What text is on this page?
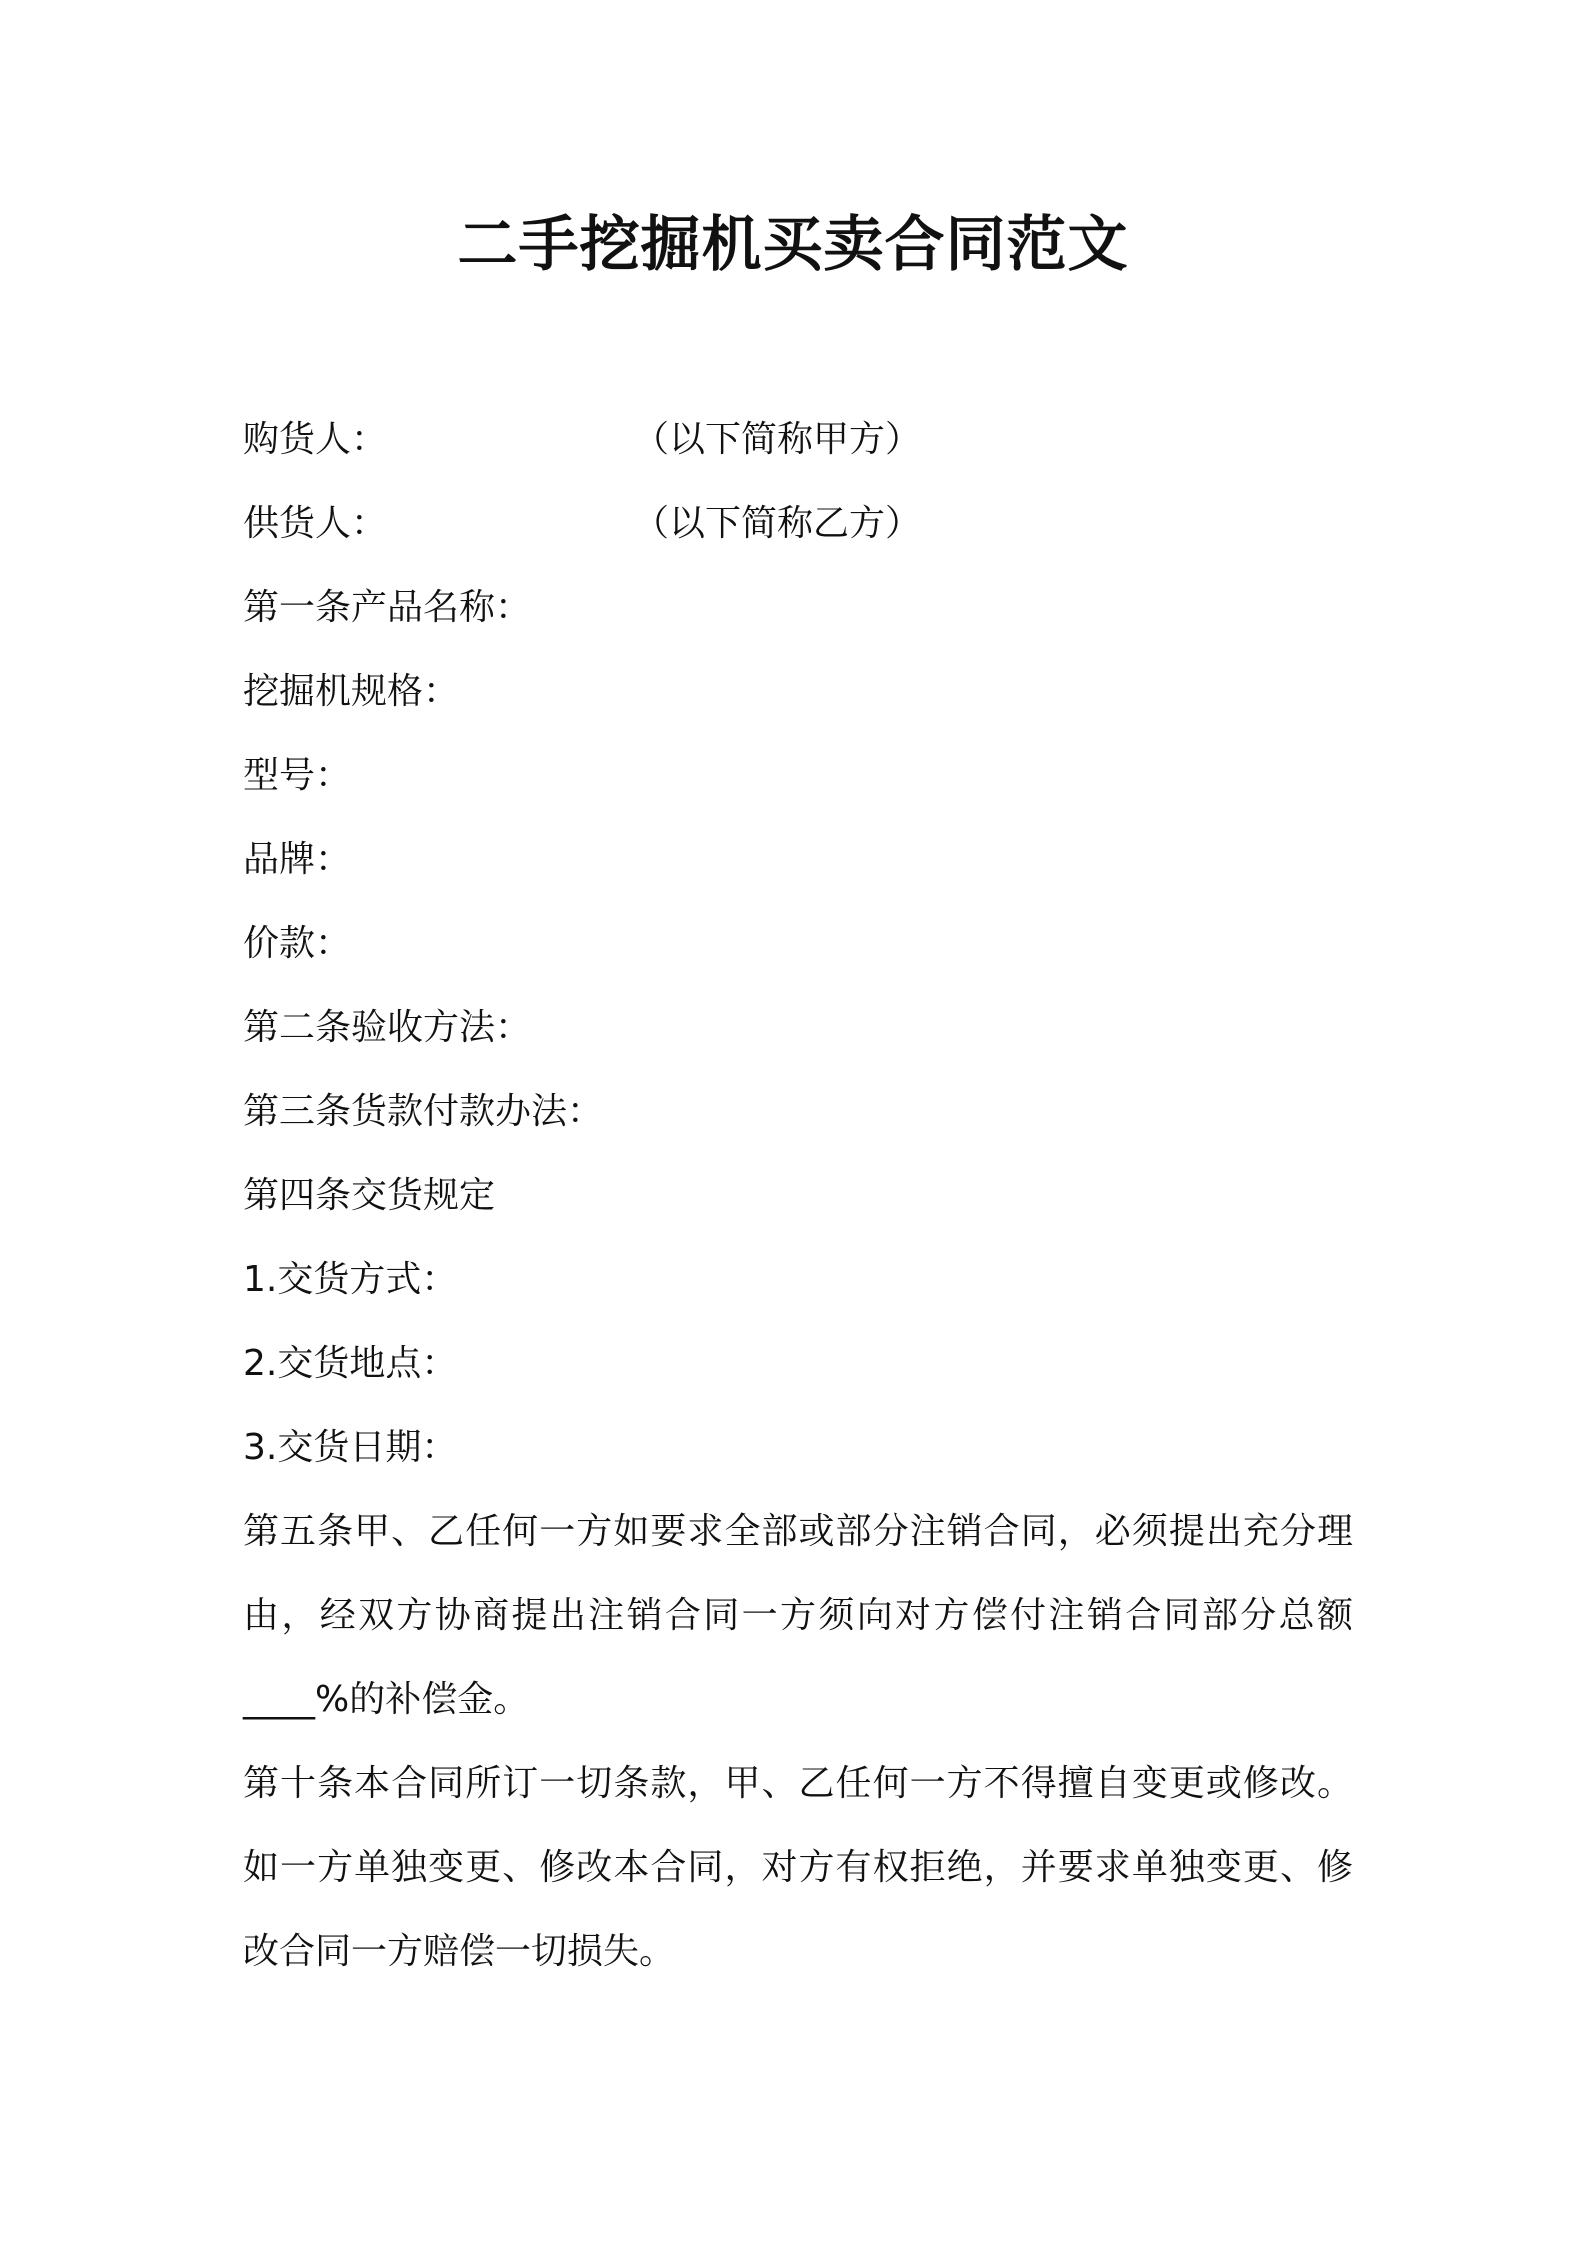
二手挖掘机买卖合同范文
购货人：	（以下简称甲方）
供货人：	（以下简称乙方）
第一条产品名称：
挖掘机规格：
型号：
品牌：
价款：
第二条验收方法：
第三条货款付款办法：
第四条交货规定
1.交货方式：
2.交货地点：
3.交货日期：
第五条甲、乙任何一方如要求全部或部分注销合同，必须提出充分理由，经双方协商提出注销合同一方须向对方偿付注销合同部分总额____%的补偿金。
第十条本合同所订一切条款，甲、乙任何一方不得擅自变更或修改。如一方单独变更、修改本合同，对方有权拒绝，并要求单独变更、修改合同一方赔偿一切损失。
